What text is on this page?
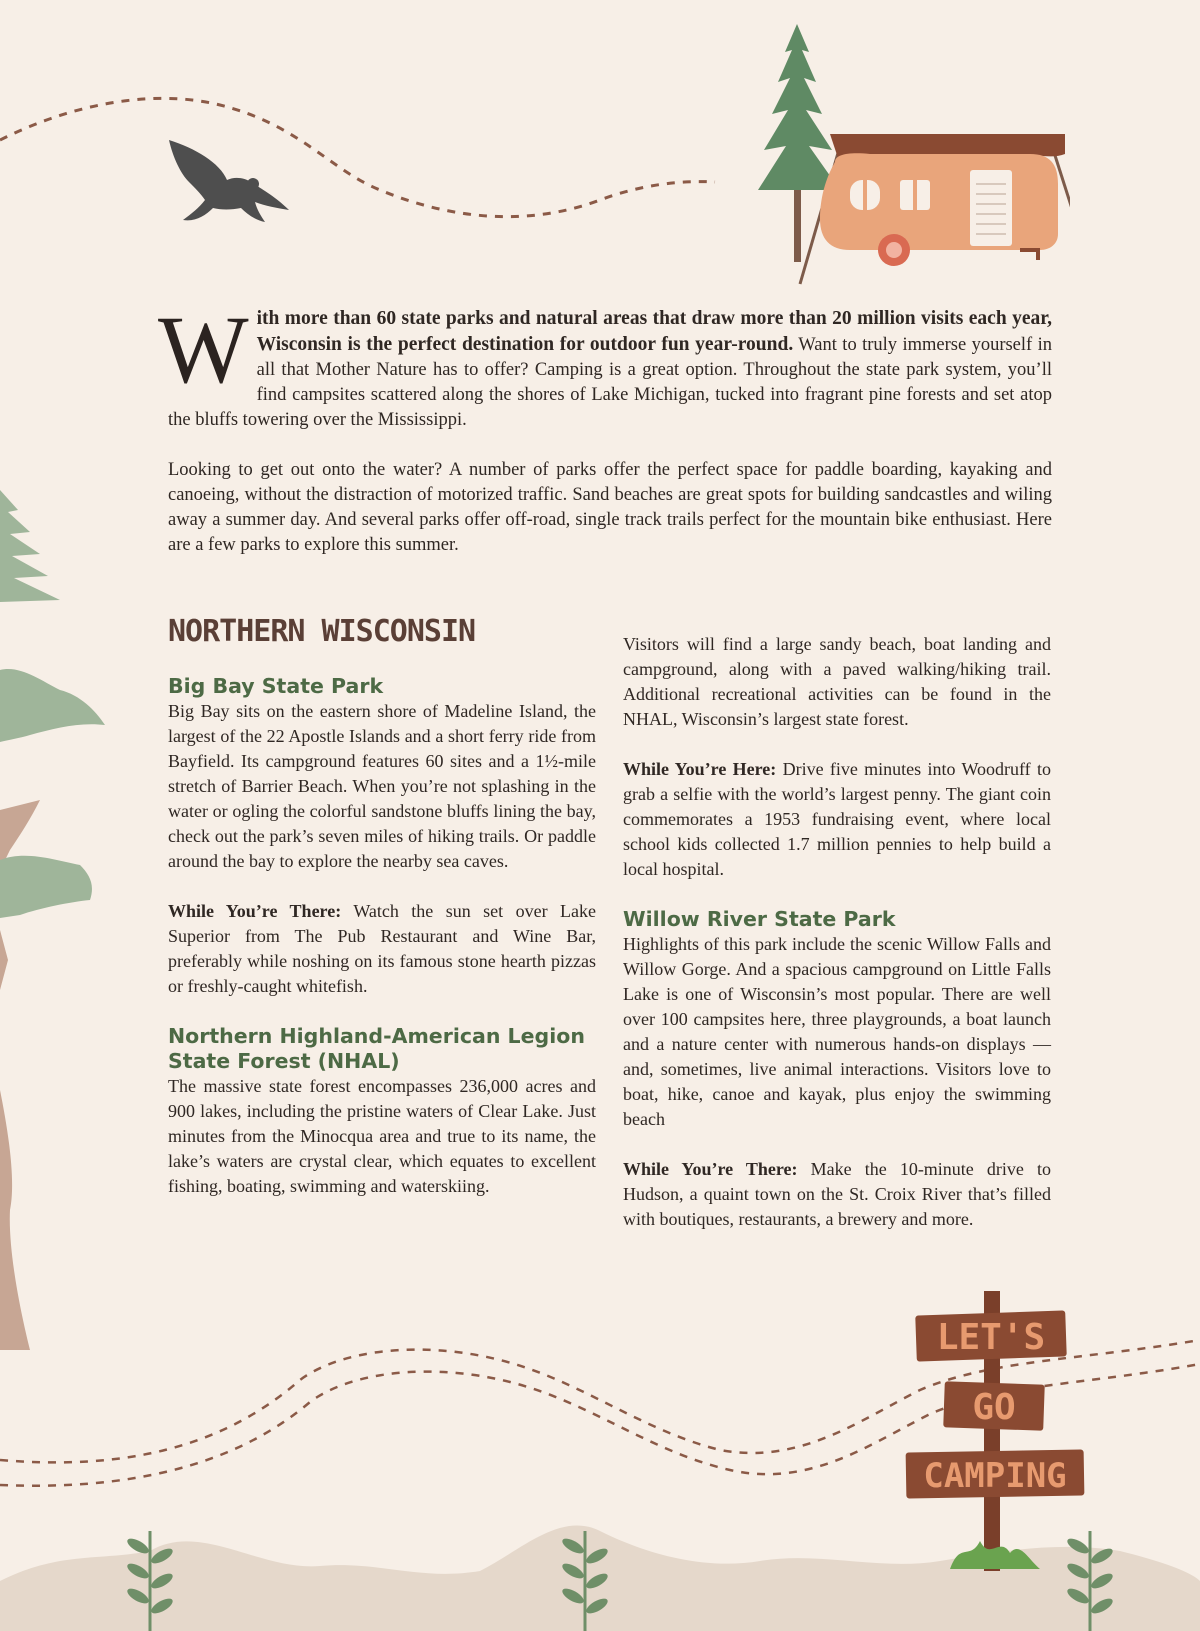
LET'S
GO
CAMPING

With more than 60 state parks and natural areas that draw more than 20 million visits each year, Wisconsin is the perfect destination for outdoor fun year-round. Want to truly immerse yourself in all that Mother Nature has to offer? Camping is a great option. Throughout the state park system, you’ll find campsites scattered along the shores of Lake Michigan, tucked into fragrant pine forests and set atop the bluffs towering over the Mississippi.

Looking to get out onto the water? A number of parks offer the perfect space for paddle boarding, kayaking and canoeing, without the distraction of motorized traffic. Sand beaches are great spots for building sandcastles and wiling away a summer day. And several parks offer off-road, single track trails perfect for the mountain bike enthusiast. Here are a few parks to explore this summer.

NORTHERN WISCONSIN
Big Bay State Park

Big Bay sits on the eastern shore of Madeline Island, the largest of the 22 Apostle Islands and a short ferry ride from Bayfield. Its campground features 60 sites and a 1½-mile stretch of Barrier Beach. When you’re not splashing in the water or ogling the colorful sandstone bluffs lining the bay, check out the park’s seven miles of hiking trails. Or paddle around the bay to explore the nearby sea caves.

While You’re There: Watch the sun set over Lake Superior from The Pub Restaurant and Wine Bar, preferably while noshing on its famous stone hearth pizzas or freshly-caught whitefish.

Northern Highland-American Legion State Forest (NHAL)

The massive state forest encompasses 236,000 acres and 900 lakes, including the pristine waters of Clear Lake. Just minutes from the Minocqua area and true to its name, the lake’s waters are crystal clear, which equates to excellent fishing, boating, swimming and waterskiing.

Visitors will find a large sandy beach, boat landing and campground, along with a paved walking/hiking trail. Additional recreational activities can be found in the NHAL, Wisconsin’s largest state forest.

While You’re Here: Drive five minutes into Woodruff to grab a selfie with the world’s largest penny. The giant coin commemorates a 1953 fundraising event, where local school kids collected 1.7 million pennies to help build a local hospital.

Willow River State Park

Highlights of this park include the scenic Willow Falls and Willow Gorge. And a spacious campground on Little Falls Lake is one of Wisconsin’s most popular. There are well over 100 campsites here, three playgrounds, a boat launch and a nature center with numerous hands-on displays — and, sometimes, live animal interactions. Visitors love to boat, hike, canoe and kayak, plus enjoy the swimming beach

While You’re There: Make the 10-minute drive to Hudson, a quaint town on the St. Croix River that’s filled with boutiques, restaurants, a brewery and more.
